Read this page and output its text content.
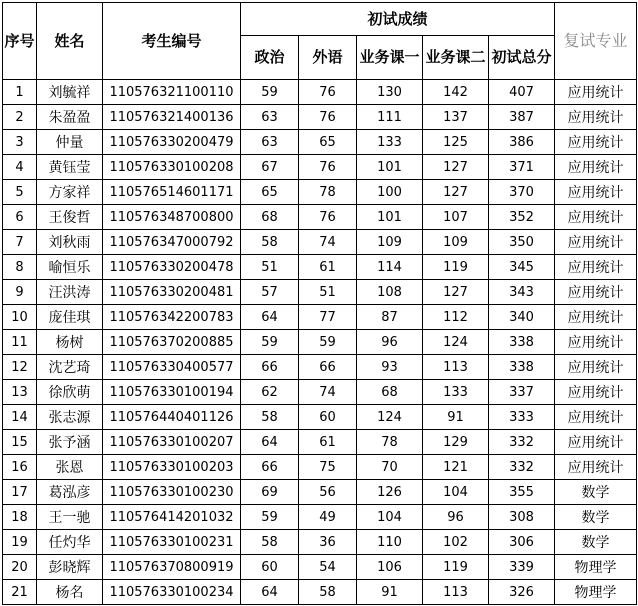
序号	姓名	考生编号	初试成绩					复试专业
			政治	外语	业务课一	业务课二	初试总分	
1	刘毓祥	110576321100110	59	76	130	142	407	应用统计
2	朱盈盈	110576321400136	63	76	111	137	387	应用统计
3	仲量	110576330200479	63	65	133	125	386	应用统计
4	黄钰莹	110576330100208	67	76	101	127	371	应用统计
5	方家祥	110576514601171	65	78	100	127	370	应用统计
6	王俊哲	110576348700800	68	76	101	107	352	应用统计
7	刘秋雨	110576347000792	58	74	109	109	350	应用统计
8	喻恒乐	110576330200478	51	61	114	119	345	应用统计
9	汪洪涛	110576330200481	57	51	108	127	343	应用统计
10	庞佳琪	110576342200783	64	77	87	112	340	应用统计
11	杨树	110576370200885	59	59	96	124	338	应用统计
12	沈艺琦	110576330400577	66	66	93	113	338	应用统计
13	徐欣萌	110576330100194	62	74	68	133	337	应用统计
14	张志源	110576440401126	58	60	124	91	333	应用统计
15	张予涵	110576330100207	64	61	78	129	332	应用统计
16	张恩	110576330100203	66	75	70	121	332	应用统计
17	葛泓彦	110576330100230	69	56	126	104	355	数学
18	王一驰	110576414201032	59	49	104	96	308	数学
19	任灼华	110576330100231	58	36	110	102	306	数学
20	彭晓辉	110576370800919	60	54	106	119	339	物理学
21	杨名	110576330100234	64	58	91	113	326	物理学
